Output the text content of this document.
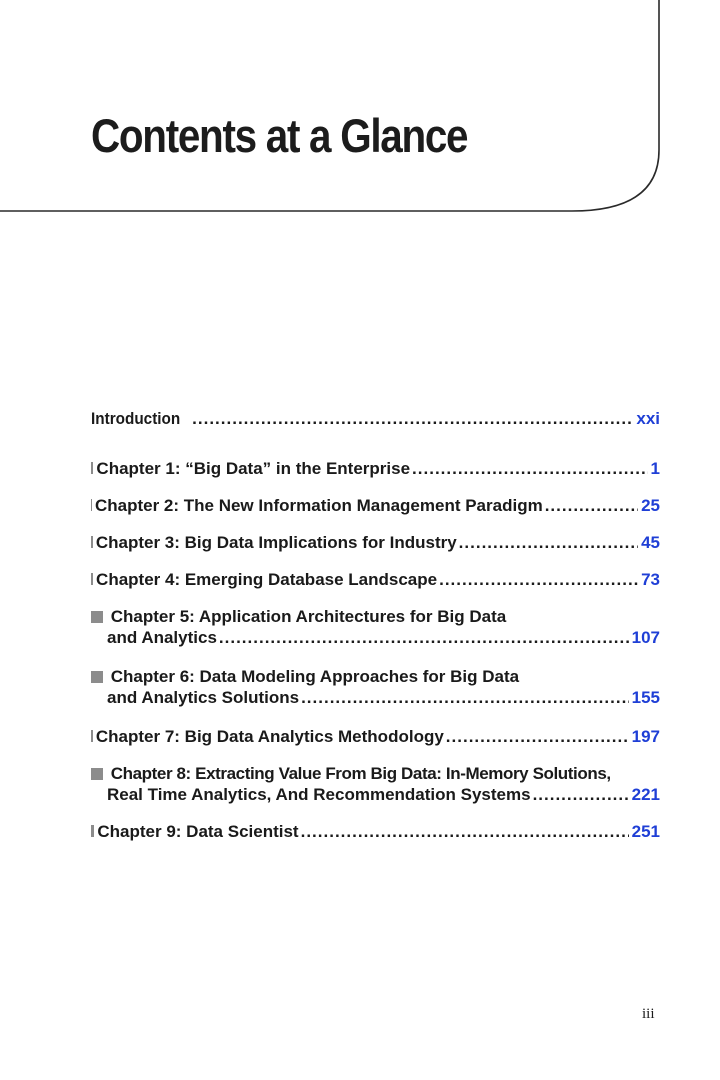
Contents at a Glance
Introduction .....	xxi
Chapter 1: “Big Data” in the Enterprise .....	1
Chapter 2: The New Information Management Paradigm .....	25
Chapter 3: Big Data Implications for Industry .....	45
Chapter 4: Emerging Database Landscape .....	73
Chapter 5: Application Architectures for Big Data
and Analytics .....	107
Chapter 6: Data Modeling Approaches for Big Data
and Analytics Solutions .....	155
Chapter 7: Big Data Analytics Methodology .....	197
Chapter 8: Extracting Value From Big Data: In-Memory Solutions,
Real Time Analytics, And Recommendation Systems .....	221
Chapter 9: Data Scientist .....	251
iii
